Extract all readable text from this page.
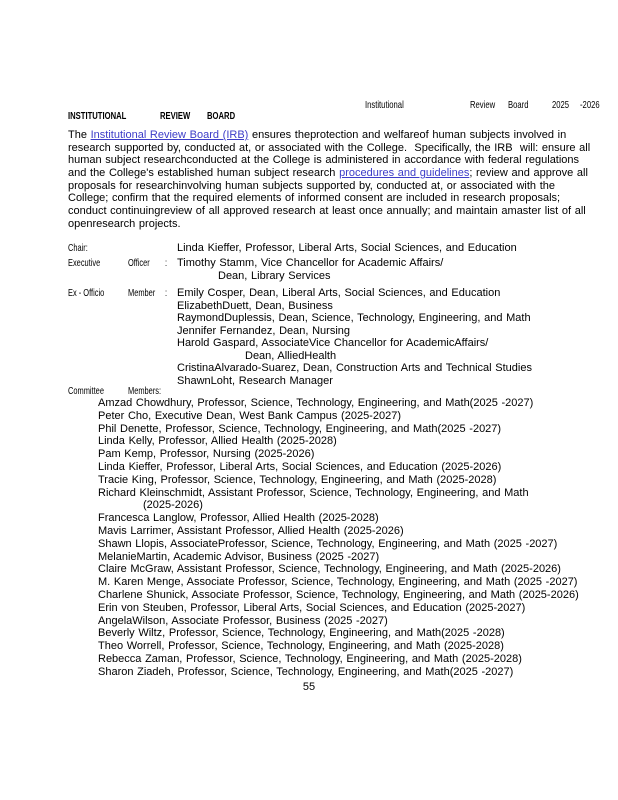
Institutional	Review Board 2025 -2026
INSTITUTIONAL	REVIEW BOARD
The Institutional Review Board (IRB) ensures theprotection and welfareof human subjects involved in
research supported by, conducted at, or associated with the College.  Specifically, the IRB  will: ensure all
human subject researchconducted at the College is administered in accordance with federal regulations
and the College's established human subject research procedures and guidelines; review and approve all
proposals for researchinvolving human subjects supported by, conducted at, or associated with the
College; confirm that the required elements of informed consent are included in research proposals;
conduct continuingreview of all approved research at least once annually; and maintain amaster list of all
openresearch projects.
Chair:	Linda Kieffer, Professor, Liberal Arts, Social Sciences, and Education
Executive	Officer : Timothy Stamm, Vice Chancellor for Academic Affairs/
Dean, Library Services
Ex - Officio Member : Emily Cosper, Dean, Liberal Arts, Social Sciences, and Education
ElizabethDuett, Dean, Business
RaymondDuplessis, Dean, Science, Technology, Engineering, and Math
Jennifer Fernandez, Dean, Nursing
Harold Gaspard, AssociateVice Chancellor for AcademicAffairs/
Dean, AlliedHealth
CristinaAlvarado-Suarez, Dean, Construction Arts and Technical Studies
ShawnLoht, Research Manager
Committee Members:
Amzad Chowdhury, Professor, Science, Technology, Engineering, and Math(2025 -2027)
Peter Cho, Executive Dean, West Bank Campus (2025-2027)
Phil Denette, Professor, Science, Technology, Engineering, and Math(2025 -2027)
Linda Kelly, Professor, Allied Health (2025-2028)
Pam Kemp, Professor, Nursing (2025-2026)
Linda Kieffer, Professor, Liberal Arts, Social Sciences, and Education (2025-2026)
Tracie King, Professor, Science, Technology, Engineering, and Math (2025-2028)
Richard Kleinschmidt, Assistant Professor, Science, Technology, Engineering, and Math
(2025-2026)
Francesca Langlow, Professor, Allied Health (2025-2028)
Mavis Larrimer, Assistant Professor, Allied Health (2025-2026)
Shawn Llopis, AssociateProfessor, Science, Technology, Engineering, and Math (2025 -2027)
MelanieMartin, Academic Advisor, Business (2025 -2027)
Claire McGraw, Assistant Professor, Science, Technology, Engineering, and Math (2025-2026)
M. Karen Menge, Associate Professor, Science, Technology, Engineering, and Math (2025 -2027)
Charlene Shunick, Associate Professor, Science, Technology, Engineering, and Math (2025-2026)
Erin von Steuben, Professor, Liberal Arts, Social Sciences, and Education (2025-2027)
AngelaWilson, Associate Professor, Business (2025 -2027)
Beverly Wiltz, Professor, Science, Technology, Engineering, and Math(2025 -2028)
Theo Worrell, Professor, Science, Technology, Engineering, and Math (2025-2028)
Rebecca Zaman, Professor, Science, Technology, Engineering, and Math (2025-2028)
Sharon Ziadeh, Professor, Science, Technology, Engineering, and Math(2025 -2027)
55
